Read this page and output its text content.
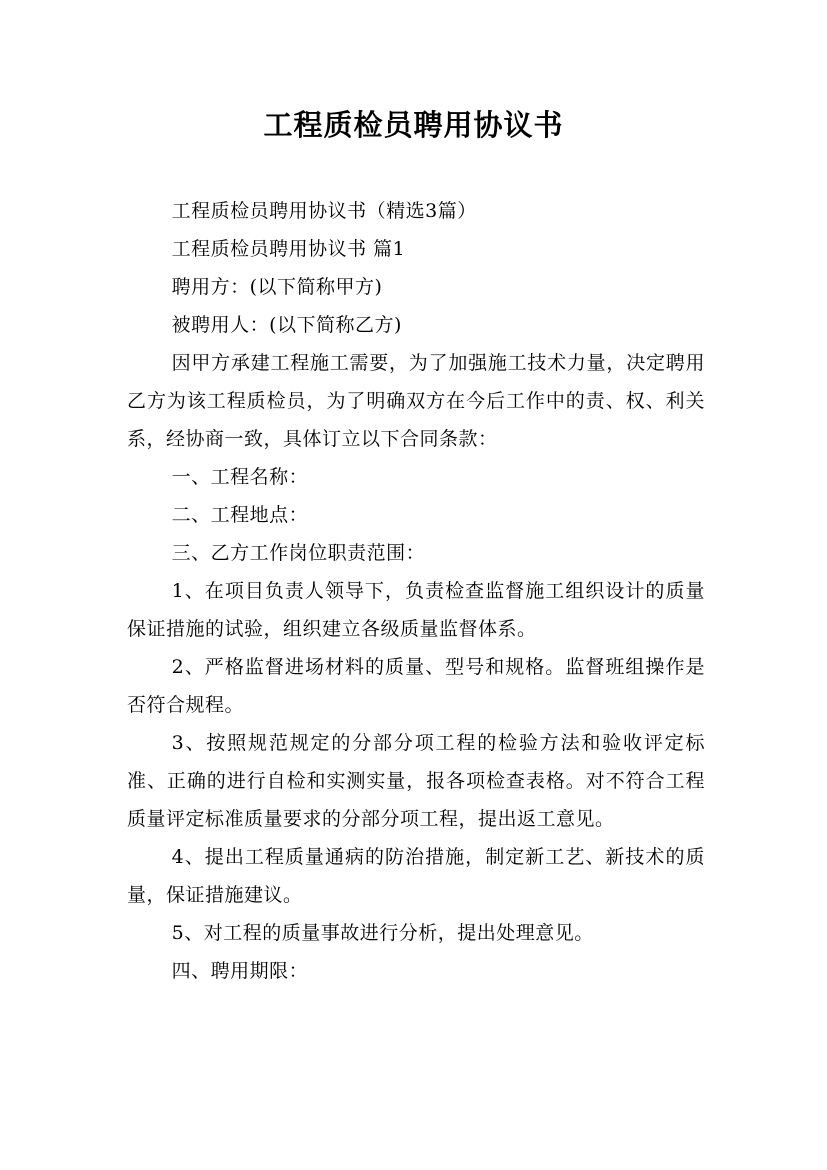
工程质检员聘用协议书

工程质检员聘用协议书（精选3篇）

工程质检员聘用协议书 篇1

聘用方：(以下简称甲方)

被聘用人：(以下简称乙方)

因甲方承建工程施工需要，为了加强施工技术力量，决定聘用乙方为该工程质检员，为了明确双方在今后工作中的责、权、利关系，经协商一致，具体订立以下合同条款：

一、工程名称：

二、工程地点：

三、乙方工作岗位职责范围：

1、在项目负责人领导下，负责检查监督施工组织设计的质量保证措施的试验，组织建立各级质量监督体系。

2、严格监督进场材料的质量、型号和规格。监督班组操作是否符合规程。

3、按照规范规定的分部分项工程的检验方法和验收评定标准、正确的进行自检和实测实量，报各项检查表格。对不符合工程质量评定标准质量要求的分部分项工程，提出返工意见。

4、提出工程质量通病的防治措施，制定新工艺、新技术的质量，保证措施建议。

5、对工程的质量事故进行分析，提出处理意见。

四、聘用期限：
